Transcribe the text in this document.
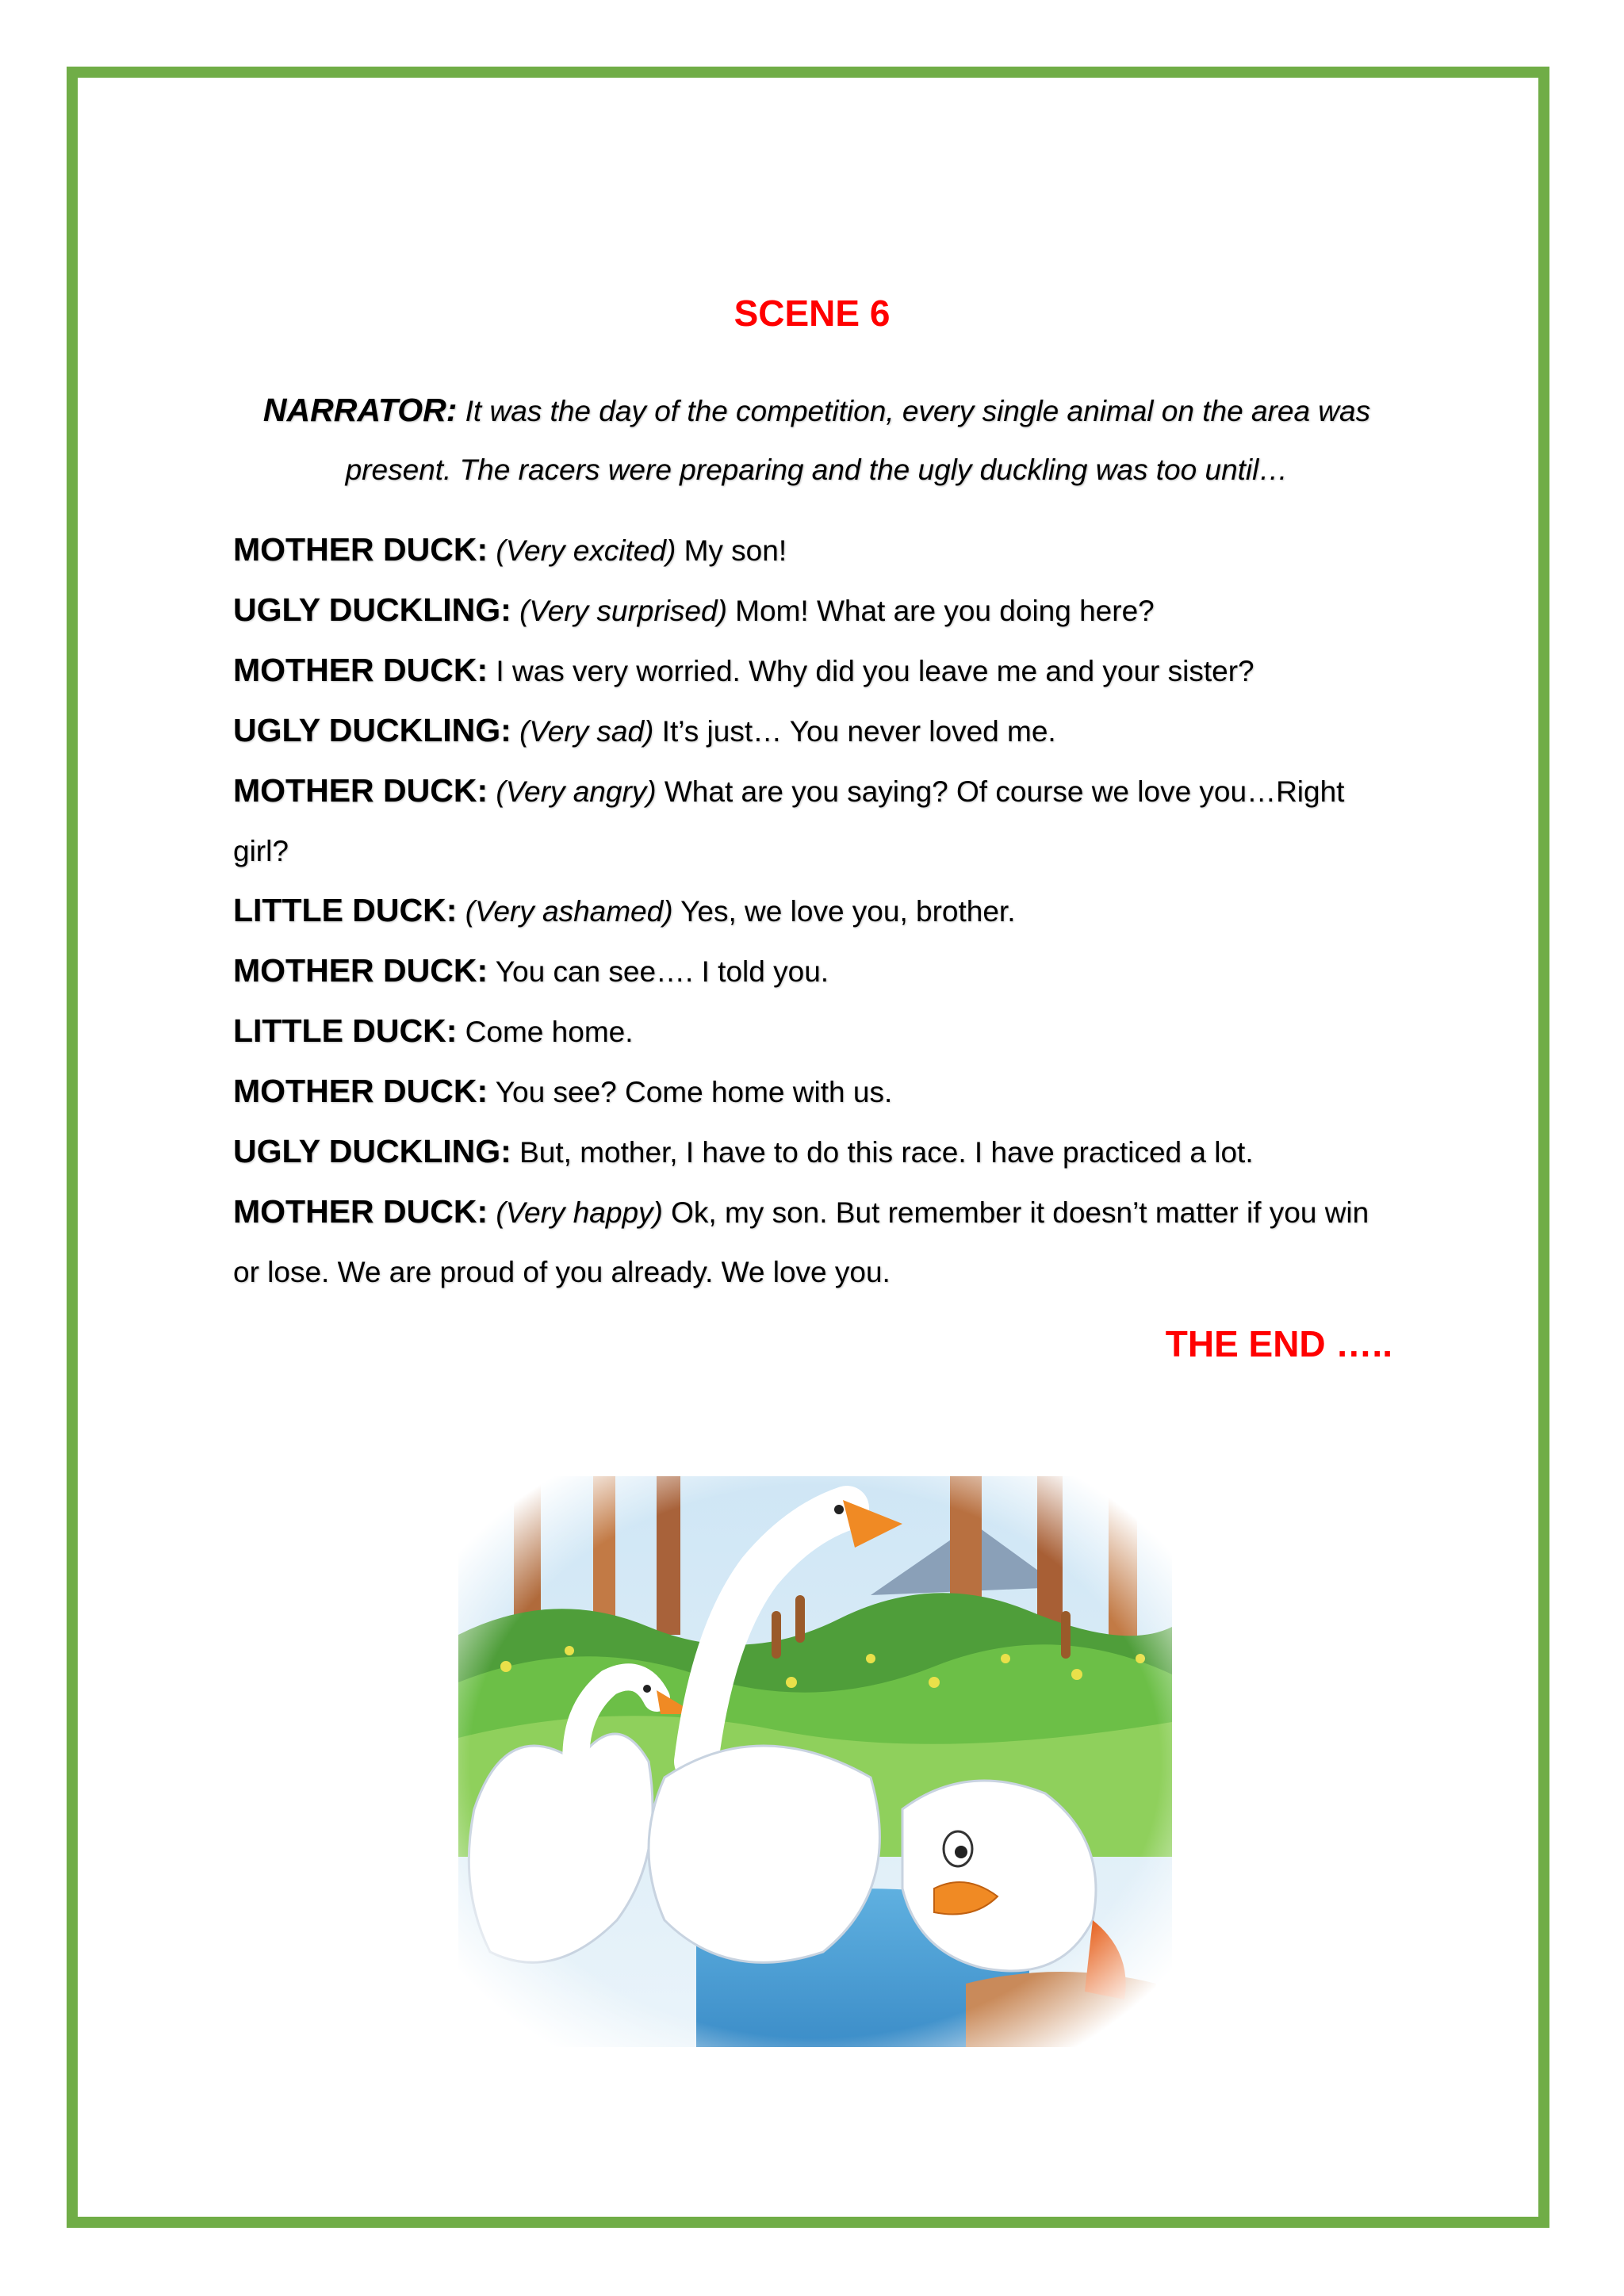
SCENE 6
NARRATOR: It was the day of the competition, every single animal on the area was present. The racers were preparing and the ugly duckling was too until…
MOTHER DUCK: (Very excited) My son!
UGLY DUCKLING: (Very surprised) Mom! What are you doing here?
MOTHER DUCK: I was very worried. Why did you leave me and your sister?
UGLY DUCKLING: (Very sad) It’s just… You never loved me.
MOTHER DUCK: (Very angry) What are you saying? Of course we love you…Right girl?
LITTLE DUCK: (Very ashamed) Yes, we love you, brother.
MOTHER DUCK: You can see…. I told you.
LITTLE DUCK: Come home.
MOTHER DUCK: You see? Come home with us.
UGLY DUCKLING: But, mother, I have to do this race. I have practiced a lot.
MOTHER DUCK: (Very happy) Ok, my son. But remember it doesn’t matter if you win or lose. We are proud of you already. We love you.
THE END …..
